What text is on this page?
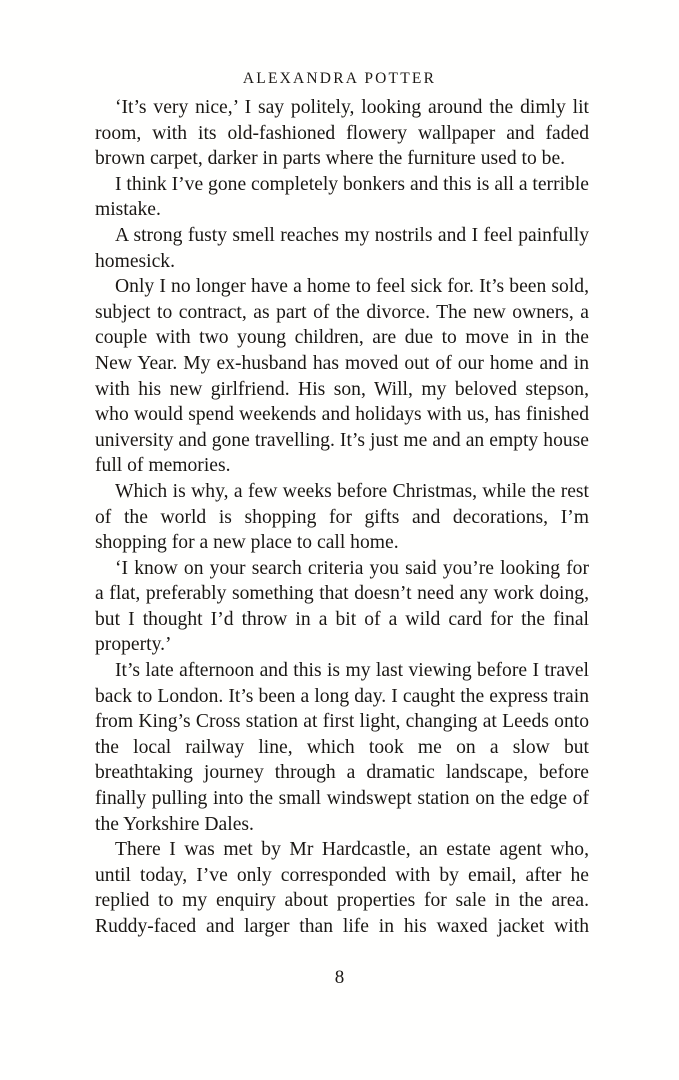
ALEXANDRA POTTER

‘It’s very nice,’ I say politely, looking around the dimly lit room, with its old-fashioned flowery wallpaper and faded brown carpet, darker in parts where the furniture used to be.

I think I’ve gone completely bonkers and this is all a terrible mistake.

A strong fusty smell reaches my nostrils and I feel painfully homesick.

Only I no longer have a home to feel sick for. It’s been sold, subject to contract, as part of the divorce. The new owners, a couple with two young children, are due to move in in the New Year. My ex-husband has moved out of our home and in with his new girlfriend. His son, Will, my beloved stepson, who would spend weekends and holidays with us, has finished university and gone travelling. It’s just me and an empty house full of memories.

Which is why, a few weeks before Christmas, while the rest of the world is shopping for gifts and decorations, I’m shopping for a new place to call home.

‘I know on your search criteria you said you’re looking for a flat, preferably something that doesn’t need any work doing, but I thought I’d throw in a bit of a wild card for the final property.’

It’s late afternoon and this is my last viewing before I travel back to London. It’s been a long day. I caught the express train from King’s Cross station at first light, changing at Leeds onto the local railway line, which took me on a slow but breathtaking journey through a dramatic landscape, before finally pulling into the small windswept station on the edge of the Yorkshire Dales.

There I was met by Mr Hardcastle, an estate agent who, until today, I’ve only corresponded with by email, after he replied to my enquiry about properties for sale in the area. Ruddy-faced and larger than life in his waxed jacket with

8
